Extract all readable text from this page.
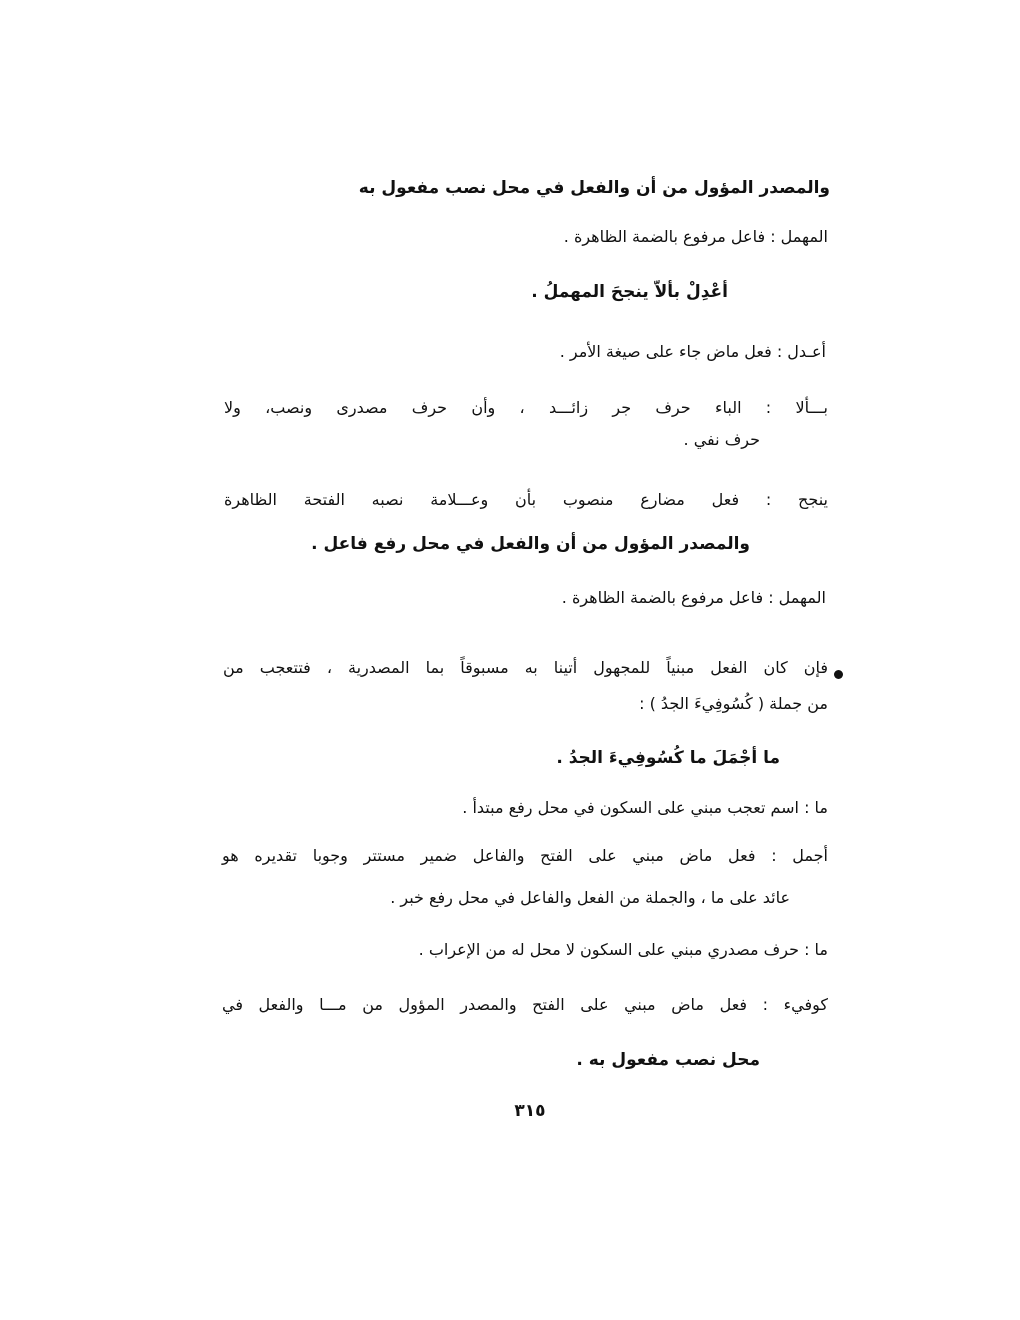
والمصدر المؤول من أن والفعل في محل نصب مفعول به
المهمل : فاعل مرفوع بالضمة الظاهرة .
أعْدِلْ بألاّ ينجحَ المهملُ .
أعـدل : فعل ماض جاء على صيغة الأمر .
بـــألا : الباء حرف جر زائـــد ، وأن حرف مصدرى ونصب، ولا
حرف نفي .
ينجح : فعل مضارع منصوب بأن وعـــلامة نصبه الفتحة الظاهرة
والمصدر المؤول من أن والفعل في محل رفع فاعل .
المهمل : فاعل مرفوع بالضمة الظاهرة .
فإن كان الفعل مبنياً للمجهول أتينا به مسبوقاً بما المصدرية ، فتتعجب من
من جملة ( كُسُوفِيءَ الجدُ ) :
ما أجْمَلَ ما كُسُوفِيءَ الجدُ .
ما : اسم تعجب مبني على السكون في محل رفع مبتدأ .
أجمل : فعل ماض مبني على الفتح والفاعل ضمير مستتر وجوبا تقديره هو
عائد على ما ، والجملة من الفعل والفاعل في محل رفع خبر .
ما : حرف مصدري مبني على السكون لا محل له من الإعراب .
كوفيء : فعل ماض مبني على الفتح والمصدر المؤول من مـــا والفعل في
محل نصب مفعول به .
٣١٥
